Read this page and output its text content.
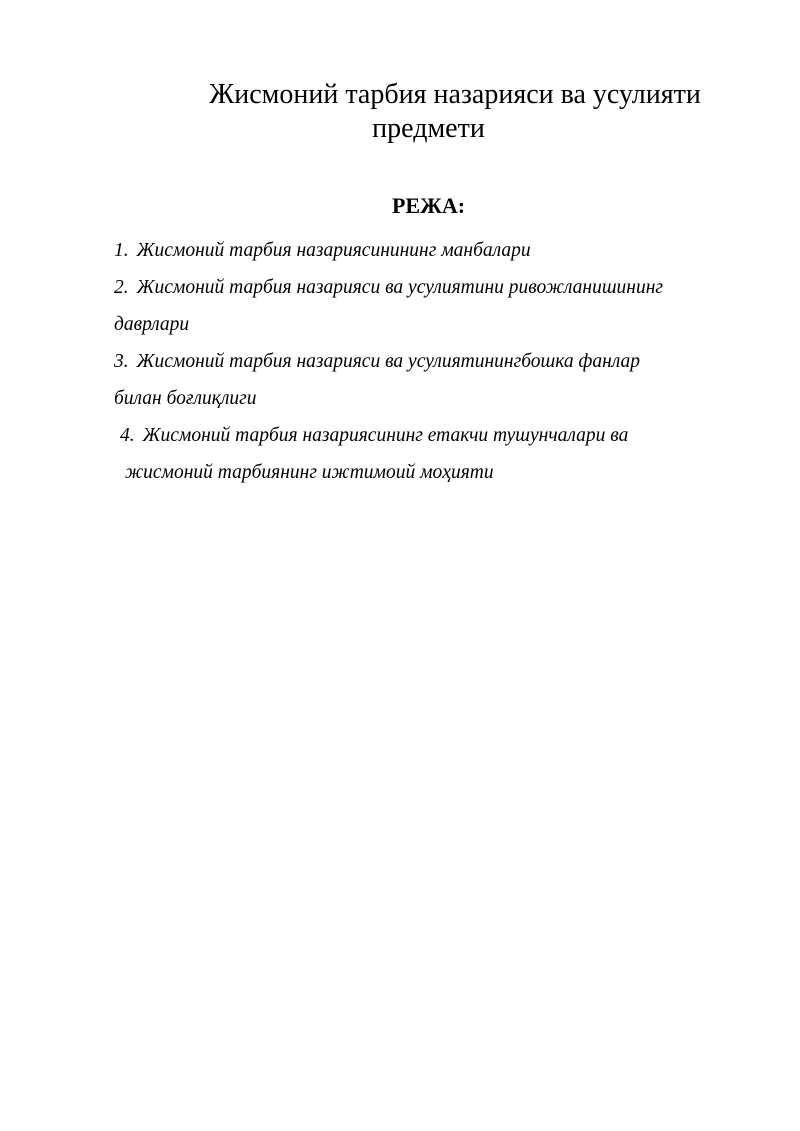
Жисмоний тарбия назарияси ва усулияти
предмети
РЕЖА:
1. Жисмоний тарбия назариясинининг манбалари
2. Жисмоний тарбия назарияси ва усулиятини ривожланишининг
даврлари
3. Жисмоний тарбия назарияси ва усулиятинингбошка фанлар
билан боғлиқлиги
4. Жисмоний тарбия назариясининг етакчи тушунчалари ва
жисмоний тарбиянинг ижтимоий моҳияти
